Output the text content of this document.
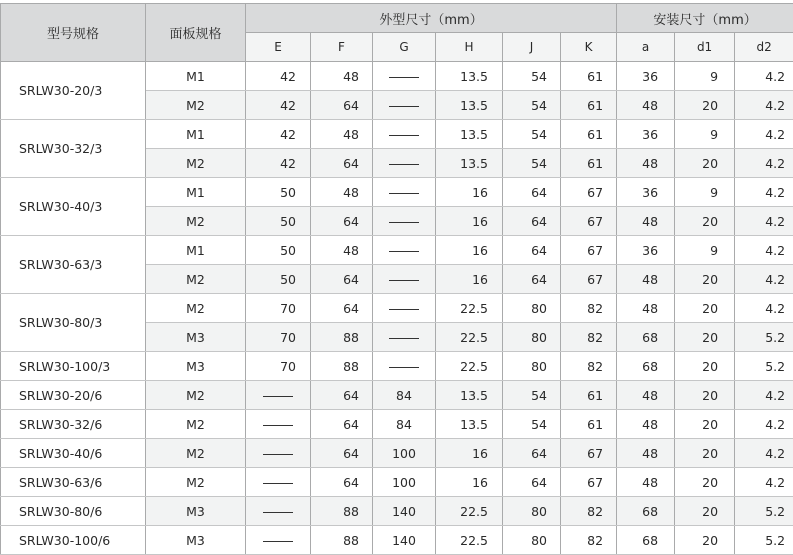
型号规格	面板规格	外型尺寸（mm）						安装尺寸（mm）		
		E	F	G	H	J	K	a	d1	d2
SRLW30-20/3	M1	42	48		13.5	54	61	36	9	4.2
	M2	42	64		13.5	54	61	48	20	4.2
SRLW30-32/3	M1	42	48		13.5	54	61	36	9	4.2
	M2	42	64		13.5	54	61	48	20	4.2
SRLW30-40/3	M1	50	48		16	64	67	36	9	4.2
	M2	50	64		16	64	67	48	20	4.2
SRLW30-63/3	M1	50	48		16	64	67	36	9	4.2
	M2	50	64		16	64	67	48	20	4.2
SRLW30-80/3	M2	70	64		22.5	80	82	48	20	4.2
	M3	70	88		22.5	80	82	68	20	5.2
SRLW30-100/3	M3	70	88		22.5	80	82	68	20	5.2
SRLW30-20/6	M2		64	84	13.5	54	61	48	20	4.2
SRLW30-32/6	M2		64	84	13.5	54	61	48	20	4.2
SRLW30-40/6	M2		64	100	16	64	67	48	20	4.2
SRLW30-63/6	M2		64	100	16	64	67	48	20	4.2
SRLW30-80/6	M3		88	140	22.5	80	82	68	20	5.2
SRLW30-100/6	M3		88	140	22.5	80	82	68	20	5.2
